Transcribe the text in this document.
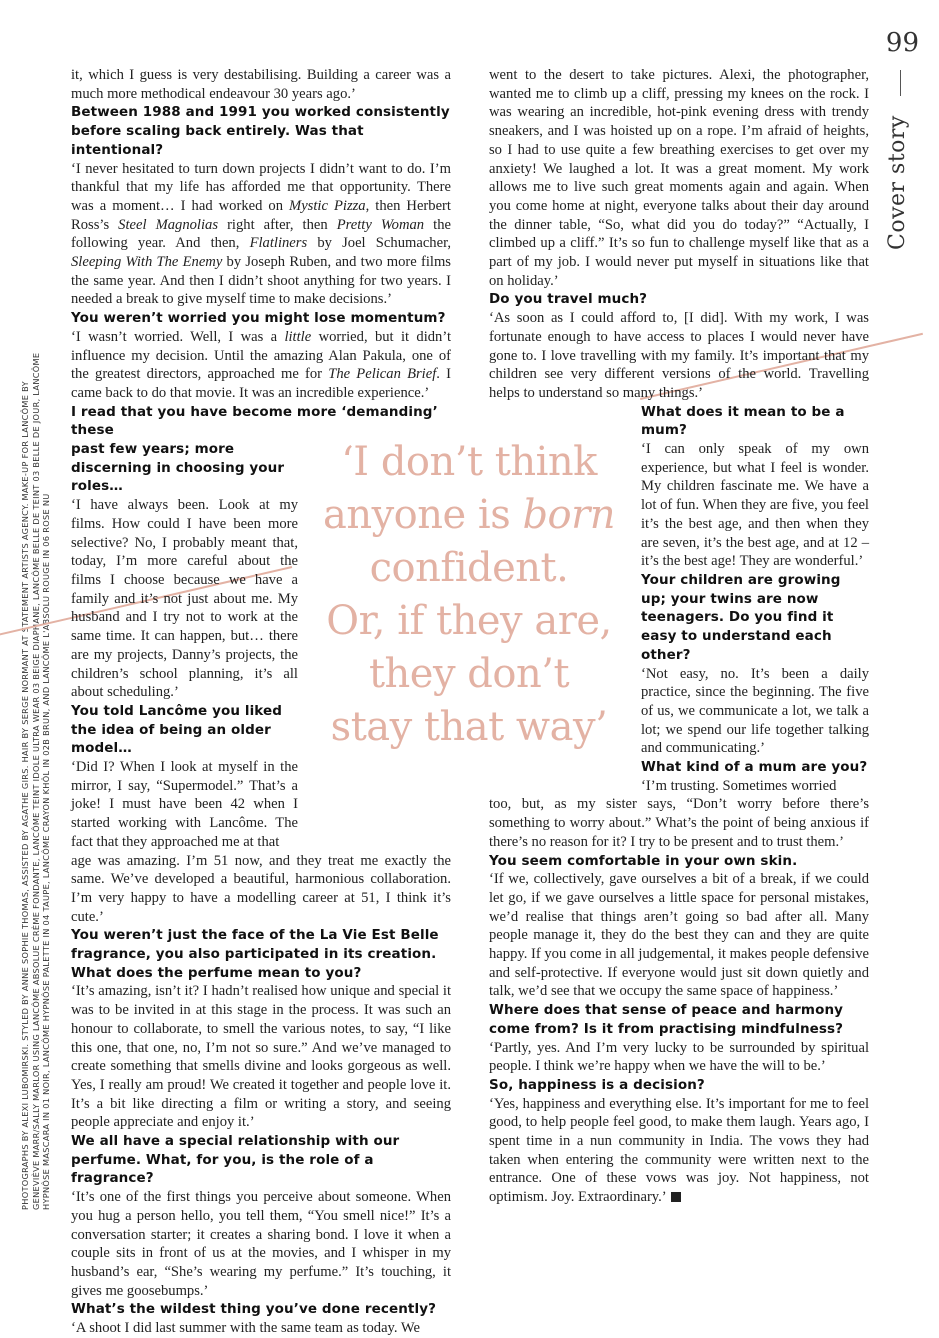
99
Cover story
PHOTOGRAPHS BY ALEXI LUBOMIRSKI. STYLED BY ANNE SOPHIE THOMAS, ASSISTED BY AGATHE GIRS. HAIR BY SERGE NORMANT AT STATEMENT ARTISTS AGENCY. MAKE-UP FOR LANCÔME BY GENEVIÈVE MARR/SALLY MARLOR USING LANCÔME ABSOLUE CRÈME FONDANTE, LANCÔME TEINT IDOLE ULTRA WEAR 03 BEIGE DIAPHANE, LANCÔME BELLE DE TEINT 03 BELLE DE JOUR, LANCÔME HYPNÔSE MASCARA IN 01 NOIR, LANCÔME HYPNÔSE PALETTE IN 04 TAUPE, LANCÔME CRAYON KHÔL IN 02B BRUN, AND LANCÔME L'ABSOLU ROUGE IN 06 ROSE NU

it, which I guess is very destabilising. Building a career was a much more methodical endeavour 30 years ago.’

Between 1988 and 1991 you worked consistently before scaling back entirely. Was that intentional?

‘I never hesitated to turn down projects I didn’t want to do. I’m thankful that my life has afforded me that opportunity. There was a moment… I had worked on Mystic Pizza, then Herbert Ross’s Steel Magnolias right after, then Pretty Woman the following year. And then, Flatliners by Joel Schumacher, Sleeping With The Enemy by Joseph Ruben, and two more films the same year. And then I didn’t shoot anything for two years. I needed a break to give myself time to make decisions.’

You weren’t worried you might lose momentum?

‘I wasn’t worried. Well, I was a little worried, but it didn’t influence my decision. Until the amazing Alan Pakula, one of the greatest directors, approached me for The Pelican Brief. I came back to do that movie. It was an incredible experience.’

I read that you have become more ‘demanding’ these
past few years; more discerning in choosing your roles…

‘I have always been. Look at my films. How could I have been more selective? No, I probably meant that, today, I’m more careful about the films I choose because we have a family and it’s not just about me. My husband and I try not to work at the same time. It can happen, but… there are my projects, Danny’s projects, the children’s school planning, it’s all about scheduling.’

You told Lancôme you liked the idea of being an older model…

‘Did I? When I look at myself in the mirror, I say, “Supermodel.” That’s a joke! I must have been 42 when I started working with Lancôme. The fact that they approached me at that

age was amazing. I’m 51 now, and they treat me exactly the same. We’ve developed a beautiful, harmonious collaboration. I’m very happy to have a modelling career at 51, I think it’s cute.’

You weren’t just the face of the La Vie Est Belle fragrance, you also participated in its creation. What does the perfume mean to you?

‘It’s amazing, isn’t it? I hadn’t realised how unique and special it was to be invited in at this stage in the process. It was such an honour to collaborate, to smell the various notes, to say, “I like this one, that one, no, I’m not so sure.” And we’ve managed to create something that smells divine and looks gorgeous as well. Yes, I really am proud! We created it together and people love it. It’s a bit like directing a film or writing a story, and seeing people appreciate and enjoy it.’

We all have a special relationship with our perfume. What, for you, is the role of a fragrance?

‘It’s one of the first things you perceive about someone. When you hug a person hello, you tell them, “You smell nice!” It’s a conversation starter; it creates a sharing bond. I love it when a couple sits in front of us at the movies, and I whisper in my husband’s ear, “She’s wearing my perfume.” It’s touching, it gives me goosebumps.’

What’s the wildest thing you’ve done recently?

‘A shoot I did last summer with the same team as today. We

‘I don’t think
anyone is born
confident.
Or, if they are,
they don’t
stay that way’

went to the desert to take pictures. Alexi, the photographer, wanted me to climb up a cliff, pressing my knees on the rock. I was wearing an incredible, hot-pink evening dress with trendy sneakers, and I was hoisted up on a rope. I’m afraid of heights, so I had to use quite a few breathing exercises to get over my anxiety! We laughed a lot. It was a great moment. My work allows me to live such great moments again and again. When you come home at night, everyone talks about their day around the dinner table, “So, what did you do today?” “Actually, I climbed up a cliff.” It’s so fun to challenge myself like that as a part of my job. I would never put myself in situations like that on holiday.’

Do you travel much?

‘As soon as I could afford to, [I did]. With my work, I was fortunate enough to have access to places I would never have gone to. I love travelling with my family. It’s important that my children see very different versions of the world. Travelling helps to understand so many things.’

What does it mean to be a mum?

‘I can only speak of my own experience, but what I feel is wonder. My children fascinate me. We have a lot of fun. When they are five, you feel it’s the best age, and then when they are seven, it’s the best age, and at 12 – it’s the best age! They are wonderful.’

Your children are growing up; your twins are now teenagers. Do you find it easy to understand each other?

‘Not easy, no. It’s been a daily practice, since the beginning. The five of us, we communicate a lot, we talk a lot; we spend our life together talking and communicating.’

What kind of a mum are you?

‘I’m trusting. Sometimes worried

too, but, as my sister says, “Don’t worry before there’s something to worry about.” What’s the point of being anxious if there’s no reason for it? I try to be present and to trust them.’

You seem comfortable in your own skin.

‘If we, collectively, gave ourselves a bit of a break, if we could let go, if we gave ourselves a little space for personal mistakes, we’d realise that things aren’t going so bad after all. Many people manage it, they do the best they can and they are quite happy. If you come in all judgemental, it makes people defensive and self-protective. If everyone would just sit down quietly and talk, we’d see that we occupy the same space of happiness.’

Where does that sense of peace and harmony come from? Is it from practising mindfulness?

‘Partly, yes. And I’m very lucky to be surrounded by spiritual people. I think we’re happy when we have the will to be.’

So, happiness is a decision?

‘Yes, happiness and everything else. It’s important for me to feel good, to help people feel good, to make them laugh. Years ago, I spent time in a nun community in India. The vows they had taken when entering the community were written next to the entrance. One of these vows was joy. Not happiness, not optimism. Joy. Extraordinary.’
